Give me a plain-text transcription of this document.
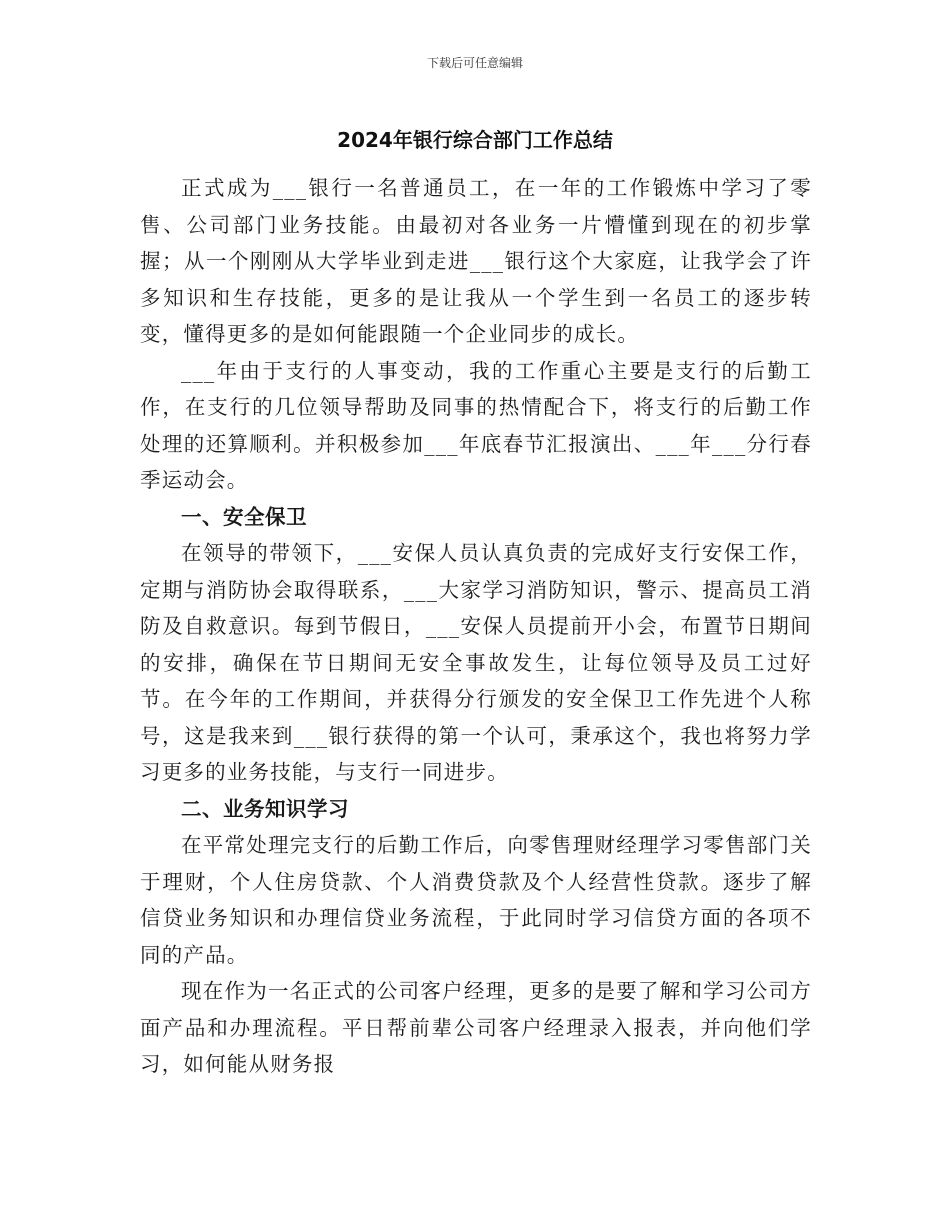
下载后可任意编辑
2024年银行综合部门工作总结

正式成为___银行一名普通员工，在一年的工作锻炼中学习了零售、公司部门业务技能。由最初对各业务一片懵懂到现在的初步掌握；从一个刚刚从大学毕业到走进___银行这个大家庭，让我学会了许多知识和生存技能，更多的是让我从一个学生到一名员工的逐步转变，懂得更多的是如何能跟随一个企业同步的成长。

___年由于支行的人事变动，我的工作重心主要是支行的后勤工作，在支行的几位领导帮助及同事的热情配合下，将支行的后勤工作处理的还算顺利。并积极参加___年底春节汇报演出、___年___分行春季运动会。

一、安全保卫

在领导的带领下，___安保人员认真负责的完成好支行安保工作，定期与消防协会取得联系，___大家学习消防知识，警示、提高员工消防及自救意识。每到节假日，___安保人员提前开小会，布置节日期间的安排，确保在节日期间无安全事故发生，让每位领导及员工过好节。在今年的工作期间，并获得分行颁发的安全保卫工作先进个人称号，这是我来到___银行获得的第一个认可，秉承这个，我也将努力学习更多的业务技能，与支行一同进步。

二、业务知识学习

在平常处理完支行的后勤工作后，向零售理财经理学习零售部门关于理财，个人住房贷款、个人消费贷款及个人经营性贷款。逐步了解信贷业务知识和办理信贷业务流程，于此同时学习信贷方面的各项不同的产品。

现在作为一名正式的公司客户经理，更多的是要了解和学习公司方面产品和办理流程。平日帮前辈公司客户经理录入报表，并向他们学习，如何能从财务报
